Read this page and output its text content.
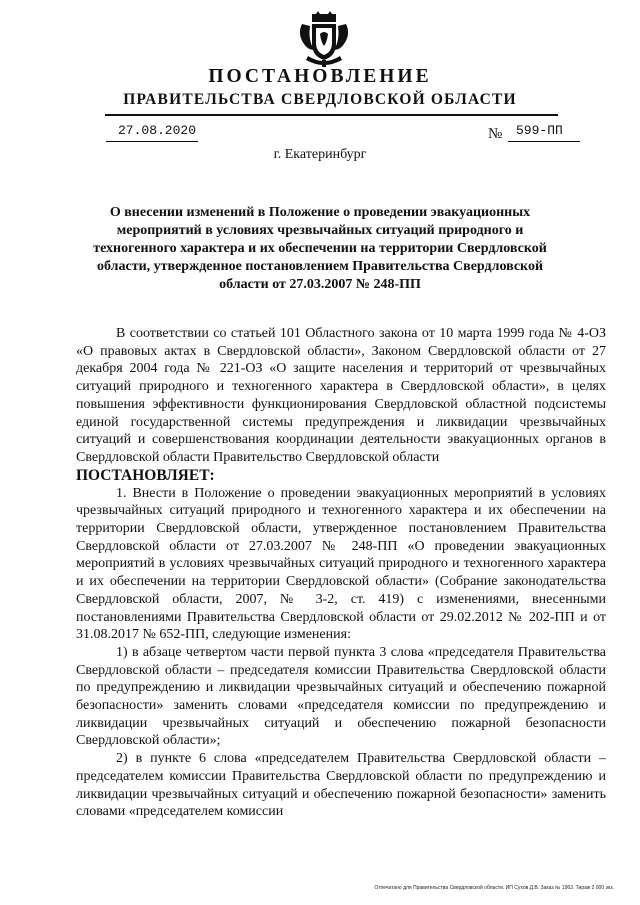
ПОСТАНОВЛЕНИЕ
ПРАВИТЕЛЬСТВА СВЕРДЛОВСКОЙ ОБЛАСТИ
27.08.2020	№ 599-ПП
г. Екатеринбург
О внесении изменений в Положение о проведении эвакуационных мероприятий в условиях чрезвычайных ситуаций природного и техногенного характера и их обеспечении на территории Свердловской области, утвержденное постановлением Правительства Свердловской области от 27.03.2007 № 248-ПП

В соответствии со статьей 101 Областного закона от 10 марта 1999 года № 4-ОЗ «О правовых актах в Свердловской области», Законом Свердловской области от 27 декабря 2004 года № 221-ОЗ «О защите населения и территорий от чрезвычайных ситуаций природного и техногенного характера в Свердловской области», в целях повышения эффективности функционирования Свердловской областной подсистемы единой государственной системы предупреждения и ликвидации чрезвычайных ситуаций и совершенствования координации деятельности эвакуационных органов в Свердловской области Правительство Свердловской области

ПОСТАНОВЛЯЕТ:

1. Внести в Положение о проведении эвакуационных мероприятий в условиях чрезвычайных ситуаций природного и техногенного характера и их обеспечении на территории Свердловской области, утвержденное постановлением Правительства Свердловской области от 27.03.2007 № 248-ПП «О проведении эвакуационных мероприятий в условиях чрезвычайных ситуаций природного и техногенного характера и их обеспечении на территории Свердловской области» (Собрание законодательства Свердловской области, 2007, № 3-2, ст. 419) с изменениями, внесенными постановлениями Правительства Свердловской области от 29.02.2012 № 202-ПП и от 31.08.2017 № 652-ПП, следующие изменения:

1) в абзаце четвертом части первой пункта 3 слова «председателя Правительства Свердловской области – председателя комиссии Правительства Свердловской области по предупреждению и ликвидации чрезвычайных ситуаций и обеспечению пожарной безопасности» заменить словами «председателя комиссии по предупреждению и ликвидации чрезвычайных ситуаций и обеспечению пожарной безопасности Свердловской области»;

2) в пункте 6 слова «председателем Правительства Свердловской области – председателем комиссии Правительства Свердловской области по предупреждению и ликвидации чрезвычайных ситуаций и обеспечению пожарной безопасности» заменить словами «председателем комиссии

Отпечатано для Правительства Свердловской области. ИП Сухов Д.В. Заказ № 1963. Тираж 2 000 экз.
